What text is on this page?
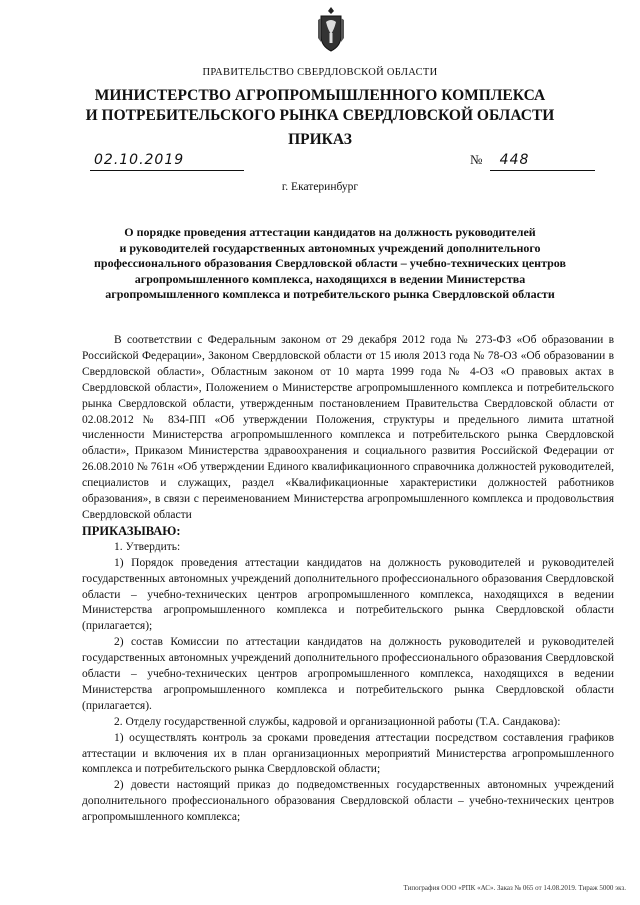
ПРАВИТЕЛЬСТВО СВЕРДЛОВСКОЙ ОБЛАСТИ
МИНИСТЕРСТВО АГРОПРОМЫШЛЕННОГО КОМПЛЕКСА
И ПОТРЕБИТЕЛЬСКОГО РЫНКА СВЕРДЛОВСКОЙ ОБЛАСТИ
ПРИКАЗ
02.10.2019	№ 448
г. Екатеринбург
О порядке проведения аттестации кандидатов на должность руководителей
и руководителей государственных автономных учреждений дополнительного
профессионального образования Свердловской области – учебно-технических центров
агропромышленного комплекса, находящихся в ведении Министерства
агропромышленного комплекса и потребительского рынка Свердловской области

В соответствии с Федеральным законом от 29 декабря 2012 года № 273-ФЗ «Об образовании в Российской Федерации», Законом Свердловской области от 15 июля 2013 года № 78-ОЗ «Об образовании в Свердловской области», Областным законом от 10 марта 1999 года № 4-ОЗ «О правовых актах в Свердловской области», Положением о Министерстве агропромышленного комплекса и потребительского рынка Свердловской области, утвержденным постановлением Правительства Свердловской области от 02.08.2012 № 834-ПП «Об утверждении Положения, структуры и предельного лимита штатной численности Министерства агропромышленного комплекса и потребительского рынка Свердловской области», Приказом Министерства здравоохранения и социального развития Российской Федерации от 26.08.2010 № 761н «Об утверждении Единого квалификационного справочника должностей руководителей, специалистов и служащих, раздел «Квалификационные характеристики должностей работников образования», в связи с переименованием Министерства агропромышленного комплекса и продовольствия Свердловской области

ПРИКАЗЫВАЮ:

1. Утвердить:

1) Порядок проведения аттестации кандидатов на должность руководителей и руководителей государственных автономных учреждений дополнительного профессионального образования Свердловской области – учебно-технических центров агропромышленного комплекса, находящихся в ведении Министерства агропромышленного комплекса и потребительского рынка Свердловской области (прилагается);

2) состав Комиссии по аттестации кандидатов на должность руководителей и руководителей государственных автономных учреждений дополнительного профессионального образования Свердловской области – учебно-технических центров агропромышленного комплекса, находящихся в ведении Министерства агропромышленного комплекса и потребительского рынка Свердловской области (прилагается).

2. Отделу государственной службы, кадровой и организационной работы (Т.А. Сандакова):

1) осуществлять контроль за сроками проведения аттестации посредством составления графиков аттестации и включения их в план организационных мероприятий Министерства агропромышленного комплекса и потребительского рынка Свердловской области;

2) довести настоящий приказ до подведомственных государственных автономных учреждений дополнительного профессионального образования Свердловской области – учебно-технических центров агропромышленного комплекса;

Типография ООО «РПК «АС». Заказ № 065 от 14.08.2019. Тираж 5000 экз.
